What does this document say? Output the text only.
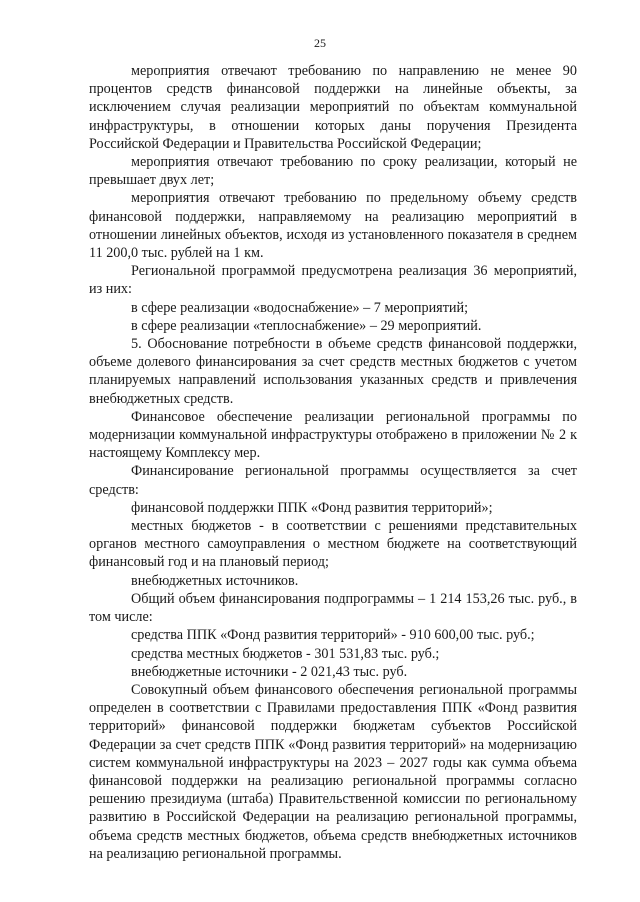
25

мероприятия отвечают требованию по направлению не менее 90 процентов средств финансовой поддержки на линейные объекты, за исключением случая реализации мероприятий по объектам коммунальной инфраструктуры, в отношении которых даны поручения Президента Российской Федерации и Правительства Российской Федерации;

мероприятия отвечают требованию по сроку реализации, который не превышает двух лет;

мероприятия отвечают требованию по предельному объему средств финансовой поддержки, направляемому на реализацию мероприятий в отношении линейных объектов, исходя из установленного показателя в среднем 11 200,0 тыс. рублей на 1 км.

Региональной программой предусмотрена реализация 36 мероприятий, из них:

в сфере реализации «водоснабжение» – 7 мероприятий;

в сфере реализации «теплоснабжение» – 29 мероприятий.

5. Обоснование потребности в объеме средств финансовой поддержки, объеме долевого финансирования за счет средств местных бюджетов с учетом планируемых направлений использования указанных средств и привлечения внебюджетных средств.

Финансовое обеспечение реализации региональной программы по модернизации коммунальной инфраструктуры отображено в приложении № 2 к настоящему Комплексу мер.

Финансирование региональной программы осуществляется за счет средств:

финансовой поддержки ППК «Фонд развития территорий»;

местных бюджетов - в соответствии с решениями представительных органов местного самоуправления о местном бюджете на соответствующий финансовый год и на плановый период;

внебюджетных источников.

Общий объем финансирования подпрограммы – 1 214 153,26 тыс. руб., в том числе:

средства ППК «Фонд развития территорий» - 910 600,00 тыс. руб.;

средства местных бюджетов - 301 531,83 тыс. руб.;

внебюджетные источники - 2 021,43 тыс. руб.

Совокупный объем финансового обеспечения региональной программы определен в соответствии с Правилами предоставления ППК «Фонд развития территорий» финансовой поддержки бюджетам субъектов Российской Федерации за счет средств ППК «Фонд развития территорий» на модернизацию систем коммунальной инфраструктуры на 2023 – 2027 годы как сумма объема финансовой поддержки на реализацию региональной программы согласно решению президиума (штаба) Правительственной комиссии по региональному развитию в Российской Федерации на реализацию региональной программы, объема средств местных бюджетов, объема средств внебюджетных источников на реализацию региональной программы.
